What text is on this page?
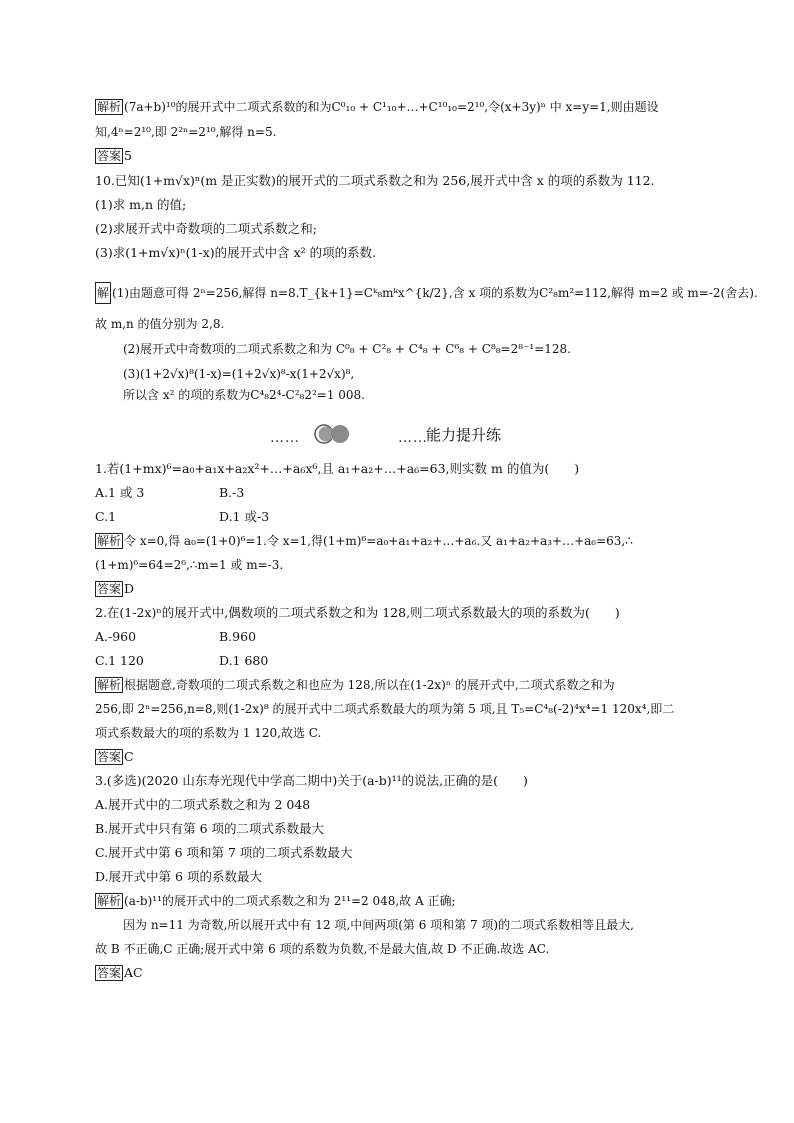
解析 (7a+b)¹⁰的展开式中二项式系数的和为C⁰₁₀ + C¹₁₀+…+C¹⁰₁₀=2¹⁰,令(x+3y)ⁿ 中 x=y=1,则由题设
知,4ⁿ=2¹⁰,即 2²ⁿ=2¹⁰,解得 n=5.
答案 5
10.已知(1+m√x)ⁿ(m 是正实数)的展开式的二项式系数之和为 256,展开式中含 x 的项的系数为 112.
(1)求 m,n 的值;
(2)求展开式中奇数项的二项式系数之和;
(3)求(1+m√x)ⁿ(1-x)的展开式中含 x² 的项的系数.
解 (1)由题意可得 2ⁿ=256,解得 n=8.T_{k+1}=Cᵏ₈mᵏx^{k/2},含 x 项的系数为C²₈m²=112,解得 m=2 或 m=-2(舍去).
故 m,n 的值分别为 2,8.
(2)展开式中奇数项的二项式系数之和为 C⁰₈ + C²₈ + C⁴₈ + C⁶₈ + C⁸₈=2⁸⁻¹=128.
(3)(1+2√x)⁸(1-x)=(1+2√x)⁸-x(1+2√x)⁸,
所以含 x² 的项的系数为C⁴₈2⁴-C²₈2²=1 008.
……	……
能力提升练
1.若(1+mx)⁶=a₀+a₁x+a₂x²+…+a₆x⁶,且 a₁+a₂+…+a₆=63,则实数 m 的值为(　　)
A.1 或 3	B.-3
C.1	D.1 或-3
解析 令 x=0,得 a₀=(1+0)⁶=1.令 x=1,得(1+m)⁶=a₀+a₁+a₂+…+a₆.又 a₁+a₂+a₃+…+a₆=63,∴
(1+m)⁶=64=2⁶,∴m=1 或 m=-3.
答案 D
2.在(1-2x)ⁿ的展开式中,偶数项的二项式系数之和为 128,则二项式系数最大的项的系数为(　　)
A.-960	B.960
C.1 120	D.1 680
解析 根据题意,奇数项的二项式系数之和也应为 128,所以在(1-2x)ⁿ 的展开式中,二项式系数之和为
256,即 2ⁿ=256,n=8,则(1-2x)⁸ 的展开式中二项式系数最大的项为第 5 项,且 T₅=C⁴₈(-2)⁴x⁴=1 120x⁴,即二
项式系数最大的项的系数为 1 120,故选 C.
答案 C
3.(多选)(2020 山东寿光现代中学高二期中)关于(a-b)¹¹的说法,正确的是(　　)
A.展开式中的二项式系数之和为 2 048
B.展开式中只有第 6 项的二项式系数最大
C.展开式中第 6 项和第 7 项的二项式系数最大
D.展开式中第 6 项的系数最大
解析 (a-b)¹¹的展开式中的二项式系数之和为 2¹¹=2 048,故 A 正确;
因为 n=11 为奇数,所以展开式中有 12 项,中间两项(第 6 项和第 7 项)的二项式系数相等且最大,
故 B 不正确,C 正确;展开式中第 6 项的系数为负数,不是最大值,故 D 不正确.故选 AC.
答案 AC
